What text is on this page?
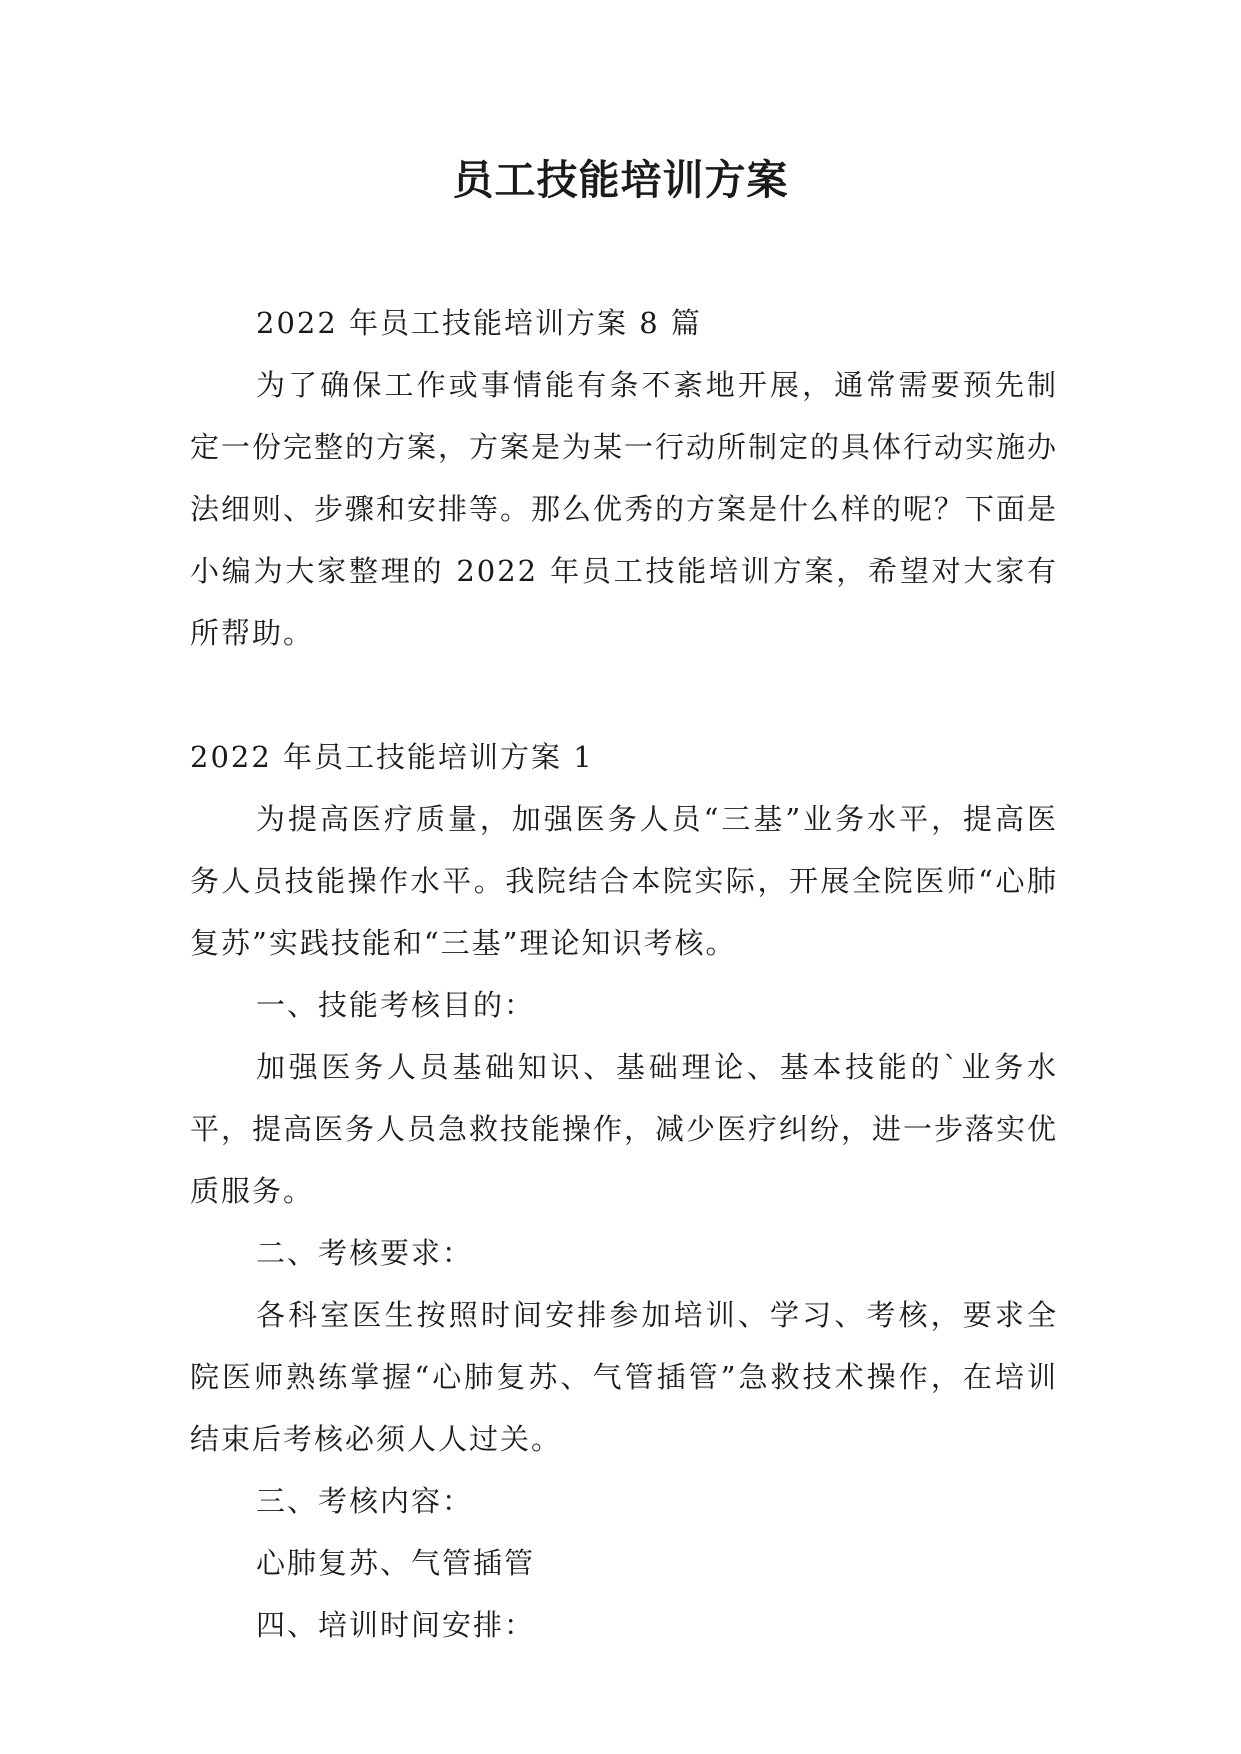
员工技能培训方案

2022 年员工技能培训方案 8 篇

为了确保工作或事情能有条不紊地开展，通常需要预先制定一份完整的方案，方案是为某一行动所制定的具体行动实施办法细则、步骤和安排等。那么优秀的方案是什么样的呢？下面是小编为大家整理的 2022 年员工技能培训方案，希望对大家有所帮助。

2022 年员工技能培训方案 1

为提高医疗质量，加强医务人员“三基”业务水平，提高医务人员技能操作水平。我院结合本院实际，开展全院医师“心肺复苏”实践技能和“三基”理论知识考核。

一、技能考核目的：

加强医务人员基础知识、基础理论、基本技能的`业务水平，提高医务人员急救技能操作，减少医疗纠纷，进一步落实优质服务。

二、考核要求：

各科室医生按照时间安排参加培训、学习、考核，要求全院医师熟练掌握“心肺复苏、气管插管”急救技术操作，在培训结束后考核必须人人过关。

三、考核内容：

心肺复苏、气管插管

四、培训时间安排：
